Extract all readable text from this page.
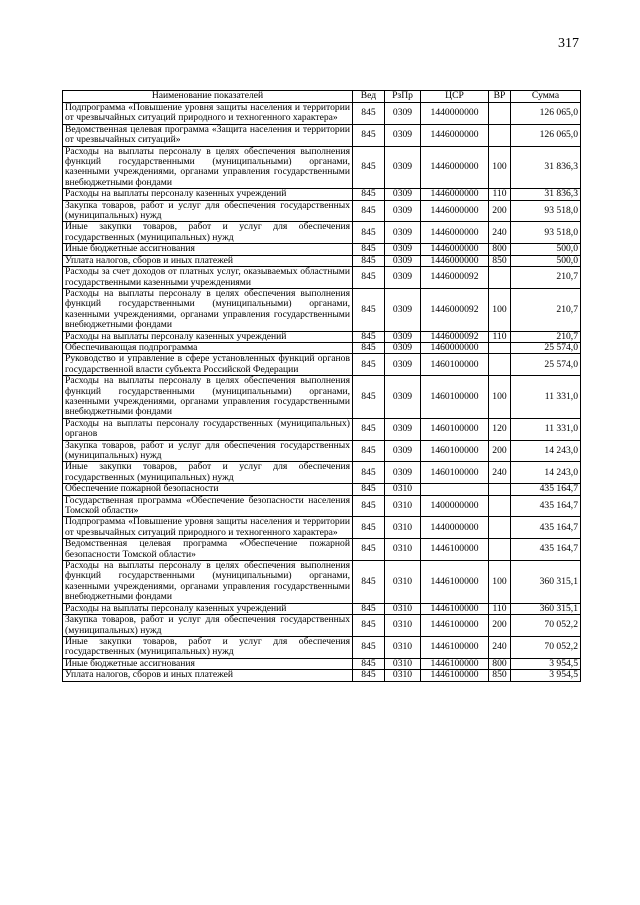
317
Наименование показателей	Вед	РзПр	ЦСР	ВР	Сумма
Подпрограмма «Повышение уровня защиты населения и территории от чрезвычайных ситуаций природного и техногенного характера»	845	0309	1440000000		126 065,0
Ведомственная целевая программа «Защита населения и территории от чрезвычайных ситуаций»	845	0309	1446000000		126 065,0
Расходы на выплаты персоналу в целях обеспечения выполнения функций государственными (муниципальными) органами, казенными учреждениями, органами управления государственными внебюджетными фондами	845	0309	1446000000	100	31 836,3
Расходы на выплаты персоналу казенных учреждений	845	0309	1446000000	110	31 836,3
Закупка товаров, работ и услуг для обеспечения государственных (муниципальных) нужд	845	0309	1446000000	200	93 518,0
Иные закупки товаров, работ и услуг для обеспечения государственных (муниципальных) нужд	845	0309	1446000000	240	93 518,0
Иные бюджетные ассигнования	845	0309	1446000000	800	500,0
Уплата налогов, сборов и иных платежей	845	0309	1446000000	850	500,0
Расходы за счет доходов от платных услуг, оказываемых областными государственными казенными учреждениями	845	0309	1446000092		210,7
Расходы на выплаты персоналу в целях обеспечения выполнения функций государственными (муниципальными) органами, казенными учреждениями, органами управления государственными внебюджетными фондами	845	0309	1446000092	100	210,7
Расходы на выплаты персоналу казенных учреждений	845	0309	1446000092	110	210,7
Обеспечивающая подпрограмма	845	0309	1460000000		25 574,0
Руководство и управление в сфере установленных функций органов государственной власти субъекта Российской Федерации	845	0309	1460100000		25 574,0
Расходы на выплаты персоналу в целях обеспечения выполнения функций государственными (муниципальными) органами, казенными учреждениями, органами управления государственными внебюджетными фондами	845	0309	1460100000	100	11 331,0
Расходы на выплаты персоналу государственных (муниципальных) органов	845	0309	1460100000	120	11 331,0
Закупка товаров, работ и услуг для обеспечения государственных (муниципальных) нужд	845	0309	1460100000	200	14 243,0
Иные закупки товаров, работ и услуг для обеспечения государственных (муниципальных) нужд	845	0309	1460100000	240	14 243,0
Обеспечение пожарной безопасности	845	0310			435 164,7
Государственная программа «Обеспечение безопасности населения Томской области»	845	0310	1400000000		435 164,7
Подпрограмма «Повышение уровня защиты населения и территории от чрезвычайных ситуаций природного и техногенного характера»	845	0310	1440000000		435 164,7
Ведомственная целевая программа «Обеспечение пожарной безопасности Томской области»	845	0310	1446100000		435 164,7
Расходы на выплаты персоналу в целях обеспечения выполнения функций государственными (муниципальными) органами, казенными учреждениями, органами управления государственными внебюджетными фондами	845	0310	1446100000	100	360 315,1
Расходы на выплаты персоналу казенных учреждений	845	0310	1446100000	110	360 315,1
Закупка товаров, работ и услуг для обеспечения государственных (муниципальных) нужд	845	0310	1446100000	200	70 052,2
Иные закупки товаров, работ и услуг для обеспечения государственных (муниципальных) нужд	845	0310	1446100000	240	70 052,2
Иные бюджетные ассигнования	845	0310	1446100000	800	3 954,5
Уплата налогов, сборов и иных платежей	845	0310	1446100000	850	3 954,5
